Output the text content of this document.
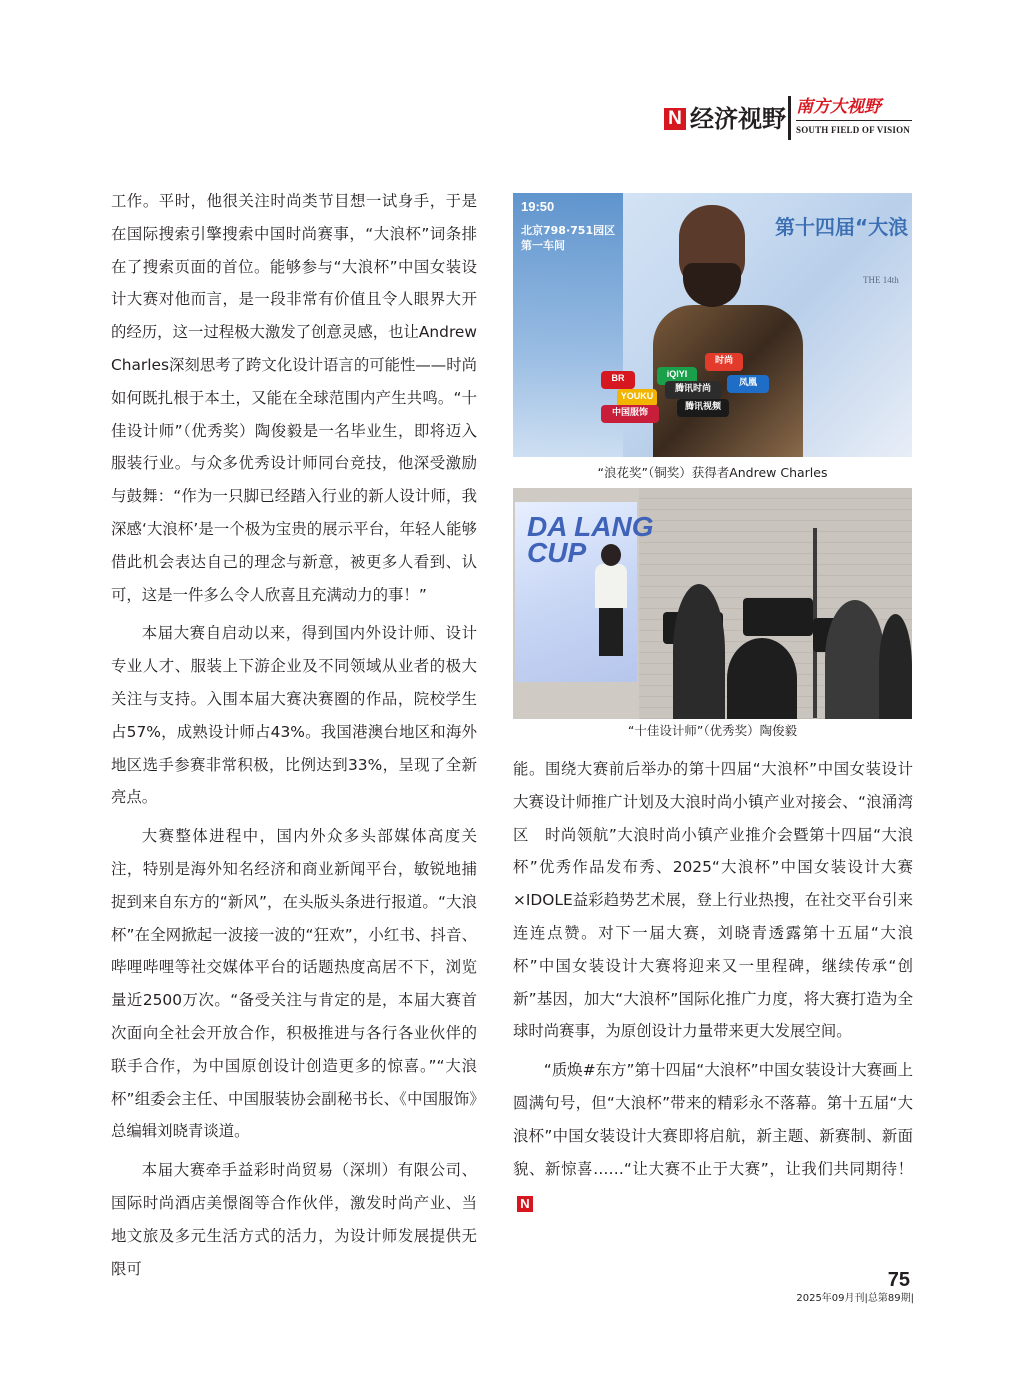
N 经济视野 南方大视野
SOUTH FIELD OF VISION

工作。平时，他很关注时尚类节目想一试身手，于是在国际搜索引擎搜索中国时尚赛事，“大浪杯”词条排在了搜索页面的首位。能够参与“大浪杯”中国女装设计大赛对他而言，是一段非常有价值且令人眼界大开的经历，这一过程极大激发了创意灵感，也让Andrew Charles深刻思考了跨文化设计语言的可能性——时尚如何既扎根于本土，又能在全球范围内产生共鸣。“十佳设计师”（优秀奖）陶俊毅是一名毕业生，即将迈入服装行业。与众多优秀设计师同台竞技，他深受激励与鼓舞：“作为一只脚已经踏入行业的新人设计师，我深感‘大浪杯’是一个极为宝贵的展示平台，年轻人能够借此机会表达自己的理念与新意，被更多人看到、认可，这是一件多么令人欣喜且充满动力的事！”

本届大赛自启动以来，得到国内外设计师、设计专业人才、服装上下游企业及不同领域从业者的极大关注与支持。入围本届大赛决赛圈的作品，院校学生占57%，成熟设计师占43%。我国港澳台地区和海外地区选手参赛非常积极，比例达到33%，呈现了全新亮点。

大赛整体进程中，国内外众多头部媒体高度关注，特别是海外知名经济和商业新闻平台，敏锐地捕捉到来自东方的“新风”，在头版头条进行报道。“大浪杯”在全网掀起一波接一波的“狂欢”，小红书、抖音、哔哩哔哩等社交媒体平台的话题热度高居不下，浏览量近2500万次。“备受关注与肯定的是，本届大赛首次面向全社会开放合作，积极推进与各行各业伙伴的联手合作，为中国原创设计创造更多的惊喜。”“大浪杯”组委会主任、中国服装协会副秘书长、《中国服饰》总编辑刘晓青谈道。

本届大赛牵手益彩时尚贸易（深圳）有限公司、国际时尚酒店美憬阁等合作伙伴，激发时尚产业、当地文旅及多元生活方式的活力，为设计师发展提供无限可

19:50
北京798·751园区
第一车间
第十四届“大浪
THE 14th
BR
YOUKU
中国服饰
iQIYI
腾讯时尚
腾讯视频
时尚
凤凰
“浪花奖”（铜奖）获得者Andrew Charles
DA LANG
CUP
“十佳设计师”（优秀奖）陶俊毅

能。围绕大赛前后举办的第十四届“大浪杯”中国女装设计大赛设计师推广计划及大浪时尚小镇产业对接会、“浪涌湾区　时尚领航”大浪时尚小镇产业推介会暨第十四届“大浪杯”优秀作品发布秀、2025“大浪杯”中国女装设计大赛×IDOLE益彩趋势艺术展，登上行业热搜，在社交平台引来连连点赞。对下一届大赛，刘晓青透露第十五届“大浪杯”中国女装设计大赛将迎来又一里程碑，继续传承“创新”基因，加大“大浪杯”国际化推广力度，将大赛打造为全球时尚赛事，为原创设计力量带来更大发展空间。

“质焕#东方”第十四届“大浪杯”中国女装设计大赛画上圆满句号，但“大浪杯”带来的精彩永不落幕。第十五届“大浪杯”中国女装设计大赛即将启航，新主题、新赛制、新面貌、新惊喜……“让大赛不止于大赛”，让我们共同期待！N

75
2025年09月刊|总第89期|
